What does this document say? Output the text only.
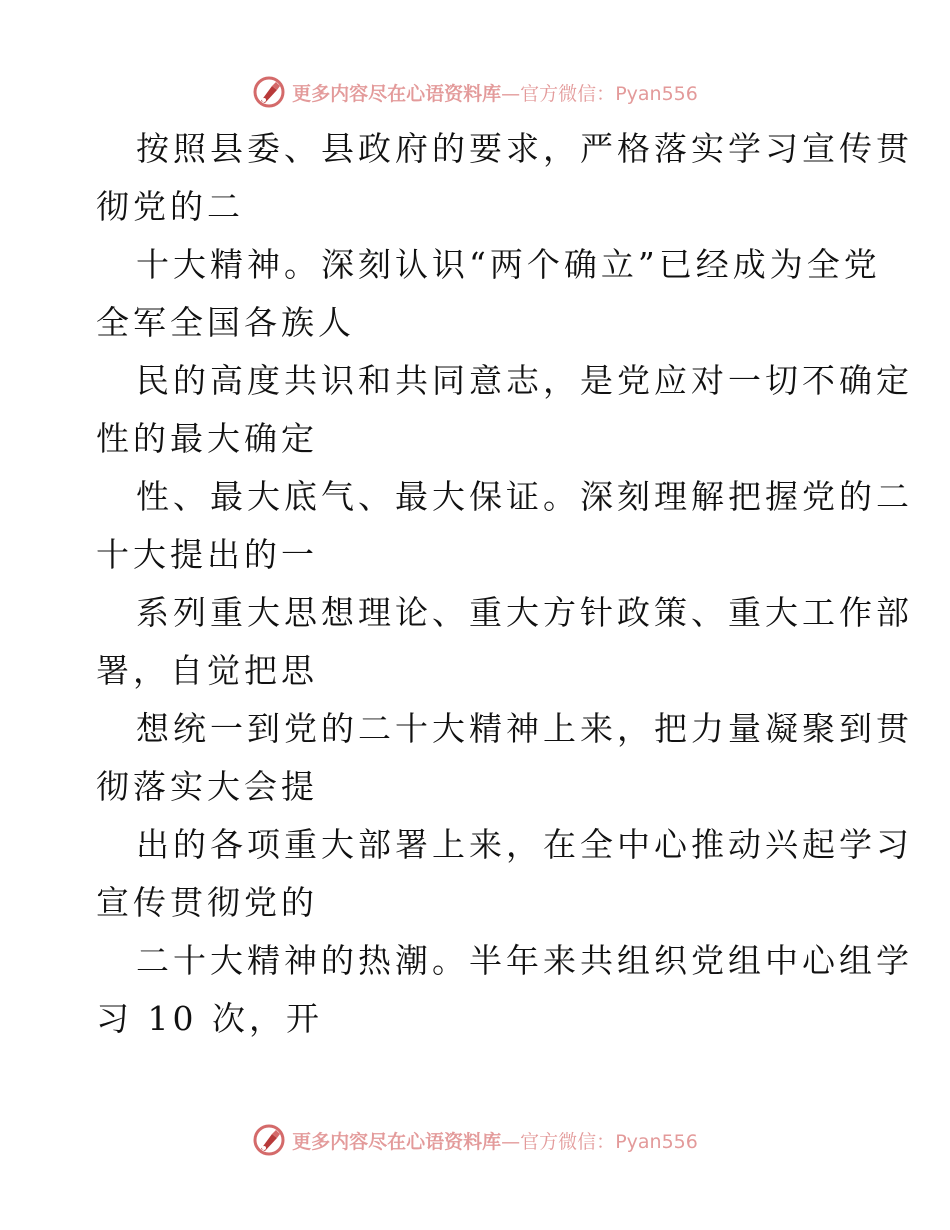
更多内容尽在心语资料库—官方微信：Pyan556
按照县委、县政府的要求，严格落实学习宣传贯
彻党的二
十大精神。深刻认识“两个确立”已经成为全党
全军全国各族人
民的高度共识和共同意志，是党应对一切不确定
性的最大确定
性、最大底气、最大保证。深刻理解把握党的二
十大提出的一
系列重大思想理论、重大方针政策、重大工作部
署，自觉把思
想统一到党的二十大精神上来，把力量凝聚到贯
彻落实大会提
出的各项重大部署上来，在全中心推动兴起学习
宣传贯彻党的
二十大精神的热潮。半年来共组织党组中心组学
习 10 次，开
更多内容尽在心语资料库—官方微信：Pyan556
